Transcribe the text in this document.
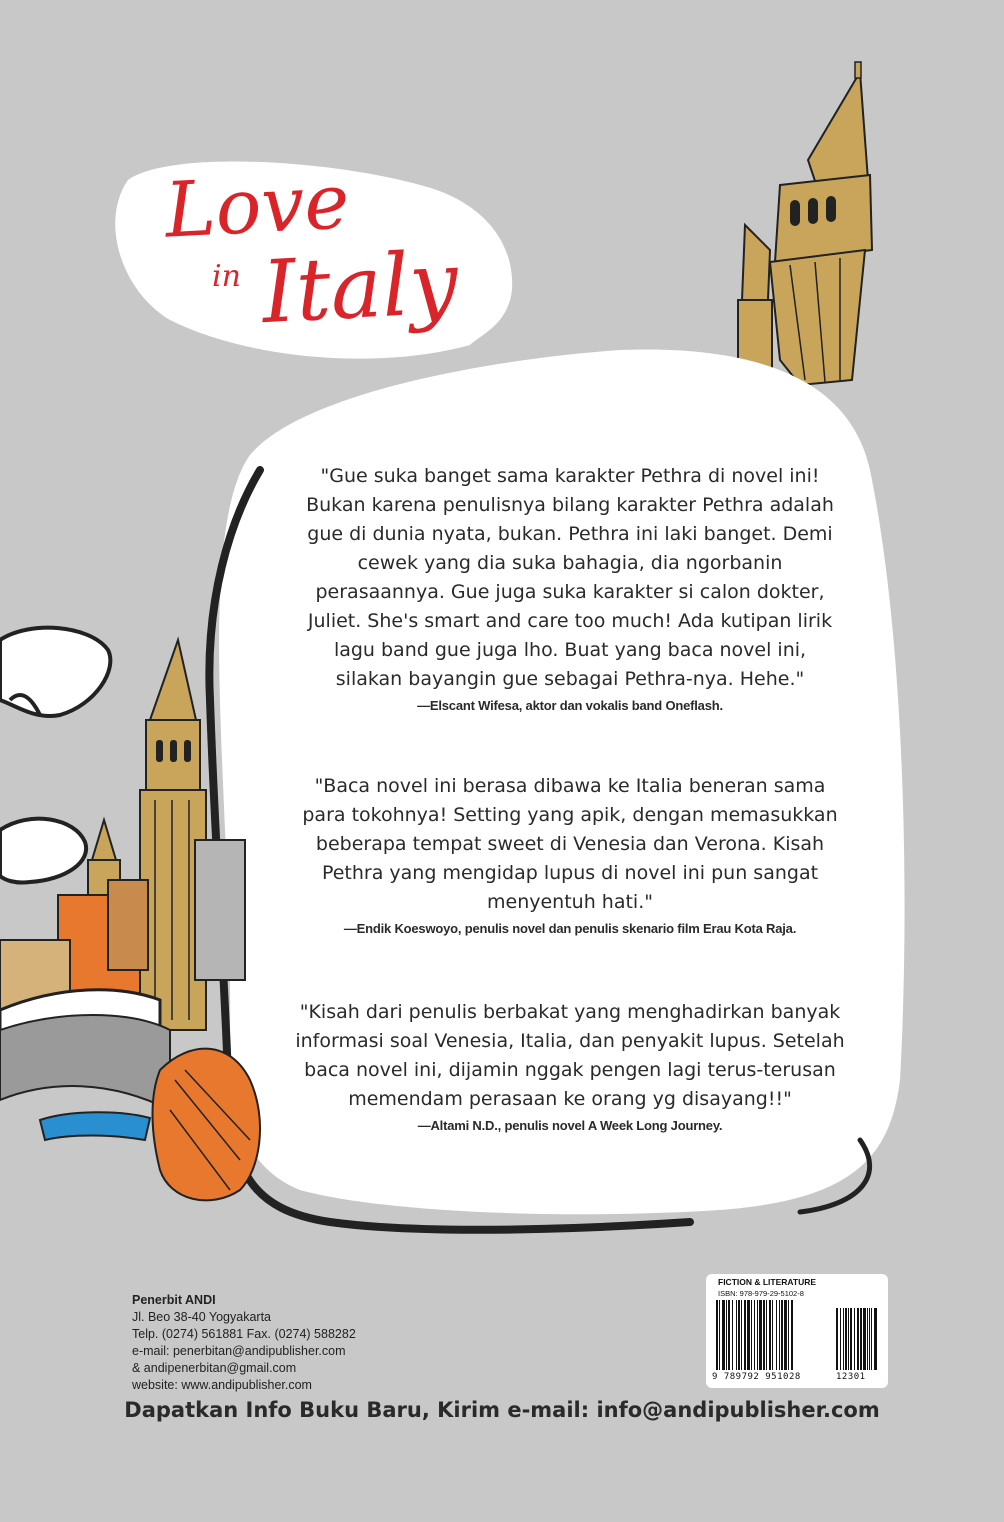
Love
in Italy

"Gue suka banget sama karakter Pethra di novel ini!

Bukan karena penulisnya bilang karakter Pethra adalah

gue di dunia nyata, bukan. Pethra ini laki banget. Demi

cewek yang dia suka bahagia, dia ngorbanin

perasaannya. Gue juga suka karakter si calon dokter,

Juliet. She's smart and care too much! Ada kutipan lirik

lagu band gue juga lho. Buat yang baca novel ini,

silakan bayangin gue sebagai Pethra-nya. Hehe."

—Elscant Wifesa, aktor dan vokalis band Oneflash.

"Baca novel ini berasa dibawa ke Italia beneran sama

para tokohnya! Setting yang apik, dengan memasukkan

beberapa tempat sweet di Venesia dan Verona. Kisah

Pethra yang mengidap lupus di novel ini pun sangat

menyentuh hati."

—Endik Koeswoyo, penulis novel dan penulis skenario film Erau Kota Raja.

"Kisah dari penulis berbakat yang menghadirkan banyak

informasi soal Venesia, Italia, dan penyakit lupus. Setelah

baca novel ini, dijamin nggak pengen lagi terus-terusan

memendam perasaan ke orang yg disayang!!"

—Altami N.D., penulis novel A Week Long Journey.
Penerbit ANDI
Jl. Beo 38-40 Yogyakarta
Telp. (0274) 561881 Fax. (0274) 588282
e-mail: penerbitan@andipublisher.com
& andipenerbitan@gmail.com
website: www.andipublisher.com
FICTION & LITERATURE
ISBN: 978-979-29-5102-8
9 789792 951028	12301
Dapatkan Info Buku Baru, Kirim e-mail: info@andipublisher.com
